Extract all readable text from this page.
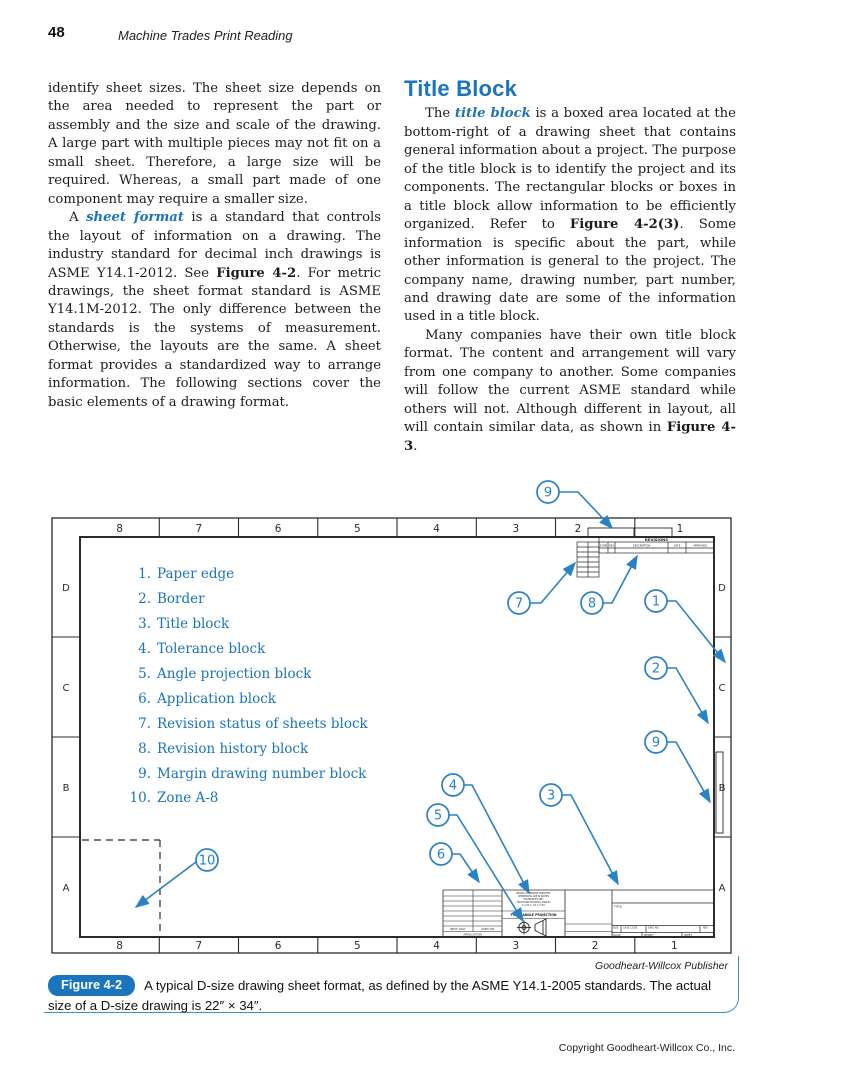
48	Machine Trades Print Reading

identify sheet sizes. The sheet size depends on the area needed to represent the part or assembly and the size and scale of the drawing. A large part with multiple pieces may not fit on a small sheet. Therefore, a large size will be required. Whereas, a small part made of one component may require a smaller size.

A sheet format is a standard that controls the layout of information on a drawing. The industry standard for decimal inch drawings is ASME Y14.1-2012. See Figure 4-2. For metric drawings, the sheet format standard is ASME Y14.1M-2012. The only difference between the standards is the systems of measurement. Otherwise, the layouts are the same. A sheet format provides a standardized way to arrange information. The following sections cover the basic elements of a drawing format.

Title Block

The title block is a boxed area located at the bottom-right of a drawing sheet that contains general information about a project. The purpose of the title block is to identify the project and its components. The rectangular blocks or boxes in a title block allow information to be efficiently organized. Refer to Figure 4-2(3). Some information is specific about the part, while other information is general to the project. The company name, drawing number, part number, and drawing date are some of the information used in a title block.

Many companies have their own title block format. The content and arrangement will vary from one company to another. Some companies will follow the current ASME standard while others will not. Although different in layout, all will contain similar data, as shown in Figure 4-3.

8	7	6	5	4	3	2	1
8	7	6	5	4	3	2	1
D
C
B
A
D
C
B
A
1. Paper edge
2. Border
3. Title block
4. Tolerance block
5. Angle projection block
6. Application block
7. Revision status of sheets block
8. Revision history block
9. Margin drawing number block
10. Zone A-8
REVISIONS
ZONE REV	DESCRIPTION	DATE	APPROVED
NEXT ASSY	USED ON
APPLICATION
UNLESS OTHERWISE SPECIFIED:
DIMENSIONS ARE IN INCHES
TOLERANCES ARE:
FRACTIONS DECIMALS ANGLES
± 1/32 ± .XX ± 0°30'
THIRD ANGLE PROJECTION
TITLE
SIZE CAGE CODE	DWG NO	REV
SCALE	WEIGHT	SHEET
9
7	8	1
2
9
10
4
5
6
3
Goodheart-Willcox Publisher
Figure 4-2 A typical D-size drawing sheet format, as defined by the ASME Y14.1-2005 standards. The actual size of a D-size drawing is 22″ × 34″.
Copyright Goodheart-Willcox Co., Inc.
